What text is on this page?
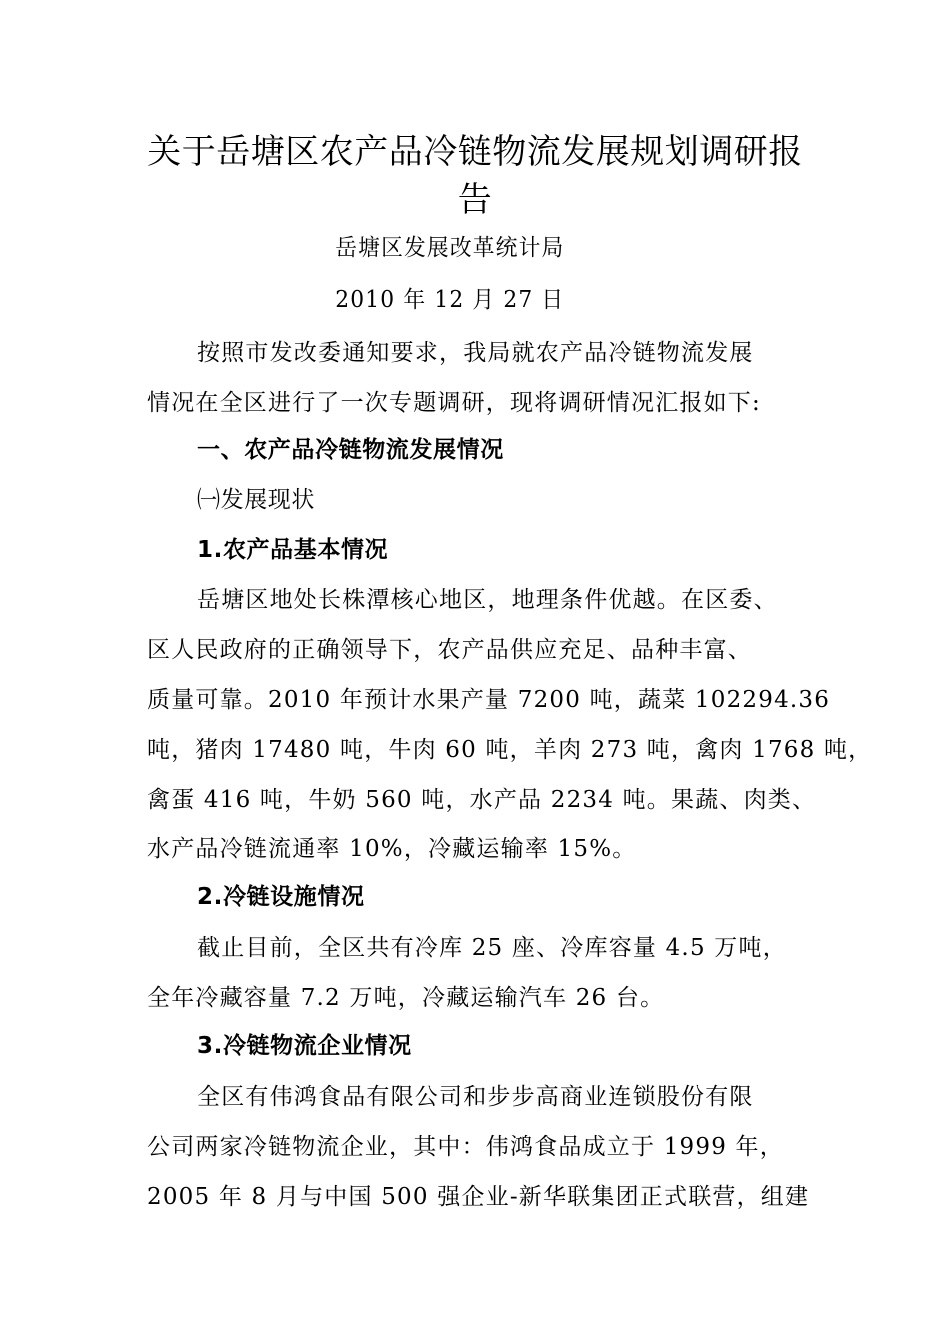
关于岳塘区农产品冷链物流发展规划调研报
告
岳塘区发展改革统计局
2010 年 12 月 27 日
按照市发改委通知要求，我局就农产品冷链物流发展
情况在全区进行了一次专题调研，现将调研情况汇报如下:
一、农产品冷链物流发展情况
㈠发展现状
1.农产品基本情况
岳塘区地处长株潭核心地区，地理条件优越。在区委、
区人民政府的正确领导下，农产品供应充足、品种丰富、
质量可靠。2010 年预计水果产量 7200 吨，蔬菜 102294.36
吨，猪肉 17480 吨，牛肉 60 吨，羊肉 273 吨，禽肉 1768 吨，
禽蛋 416 吨，牛奶 560 吨，水产品 2234 吨。果蔬、肉类、
水产品冷链流通率 10%，冷藏运输率 15%。
2.冷链设施情况
截止目前，全区共有冷库 25 座、冷库容量 4.5 万吨，
全年冷藏容量 7.2 万吨，冷藏运输汽车 26 台。
3.冷链物流企业情况
全区有伟鸿食品有限公司和步步高商业连锁股份有限
公司两家冷链物流企业，其中：伟鸿食品成立于 1999 年，
2005 年 8 月与中国 500 强企业-新华联集团正式联营，组建
